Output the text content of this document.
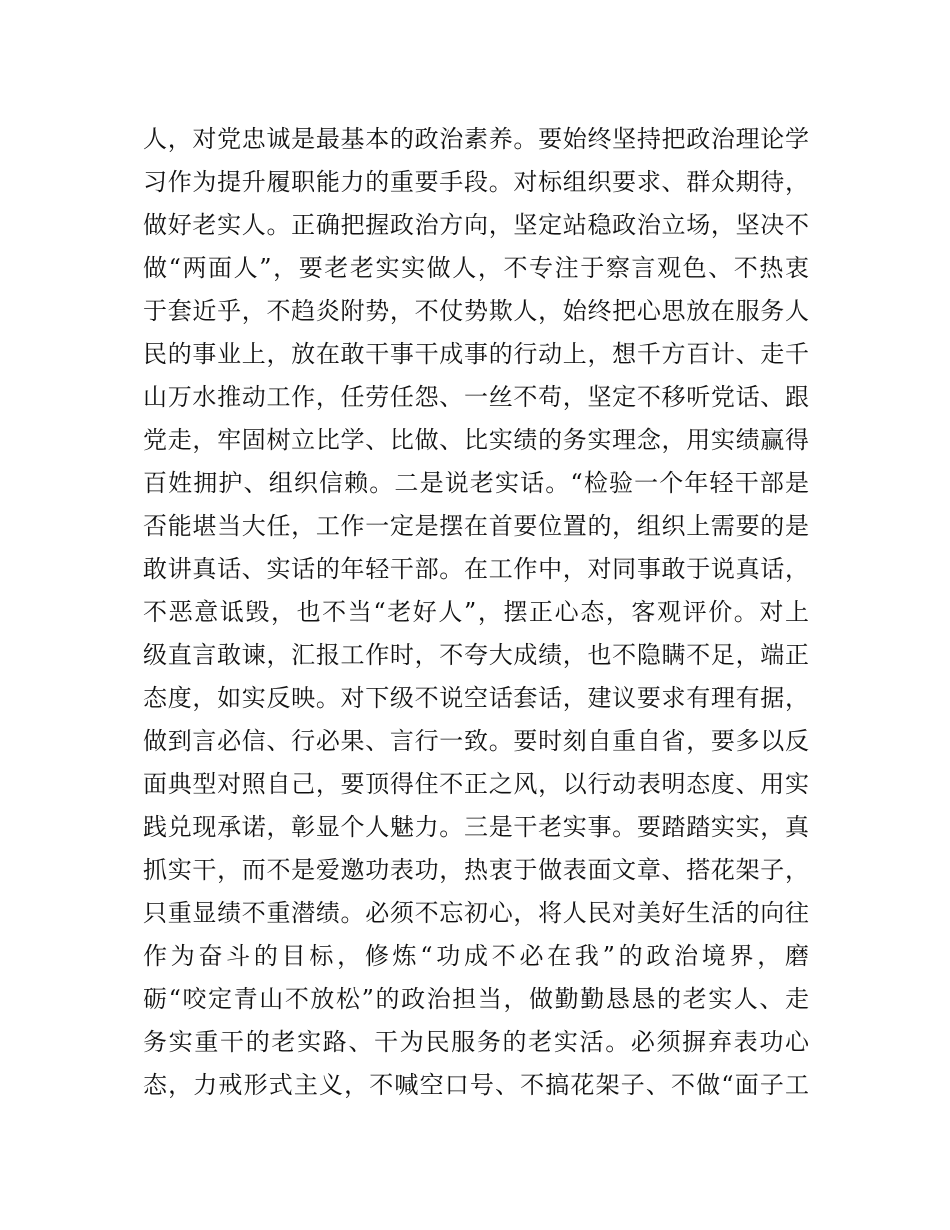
人，对党忠诚是最基本的政治素养。要始终坚持把政治理论学
习作为提升履职能力的重要手段。对标组织要求、群众期待，
做好老实人。正确把握政治方向，坚定站稳政治立场，坚决不
做“两面人”，要老老实实做人，不专注于察言观色、不热衷
于套近乎，不趋炎附势，不仗势欺人，始终把心思放在服务人
民的事业上，放在敢干事干成事的行动上，想千方百计、走千
山万水推动工作，任劳任怨、一丝不苟，坚定不移听党话、跟
党走，牢固树立比学、比做、比实绩的务实理念，用实绩赢得
百姓拥护、组织信赖。二是说老实话。“检验一个年轻干部是
否能堪当大任，工作一定是摆在首要位置的，组织上需要的是
敢讲真话、实话的年轻干部。在工作中，对同事敢于说真话，
不恶意诋毁，也不当“老好人”，摆正心态，客观评价。对上
级直言敢谏，汇报工作时，不夸大成绩，也不隐瞒不足，端正
态度，如实反映。对下级不说空话套话，建议要求有理有据，
做到言必信、行必果、言行一致。要时刻自重自省，要多以反
面典型对照自己，要顶得住不正之风，以行动表明态度、用实
践兑现承诺，彰显个人魅力。三是干老实事。要踏踏实实，真
抓实干，而不是爱邀功表功，热衷于做表面文章、搭花架子，
只重显绩不重潜绩。必须不忘初心，将人民对美好生活的向往
作为奋斗的目标，修炼“功成不必在我”的政治境界，磨
砺“咬定青山不放松”的政治担当，做勤勤恳恳的老实人、走
务实重干的老实路、干为民服务的老实活。必须摒弃表功心
态，力戒形式主义，不喊空口号、不搞花架子、不做“面子工
